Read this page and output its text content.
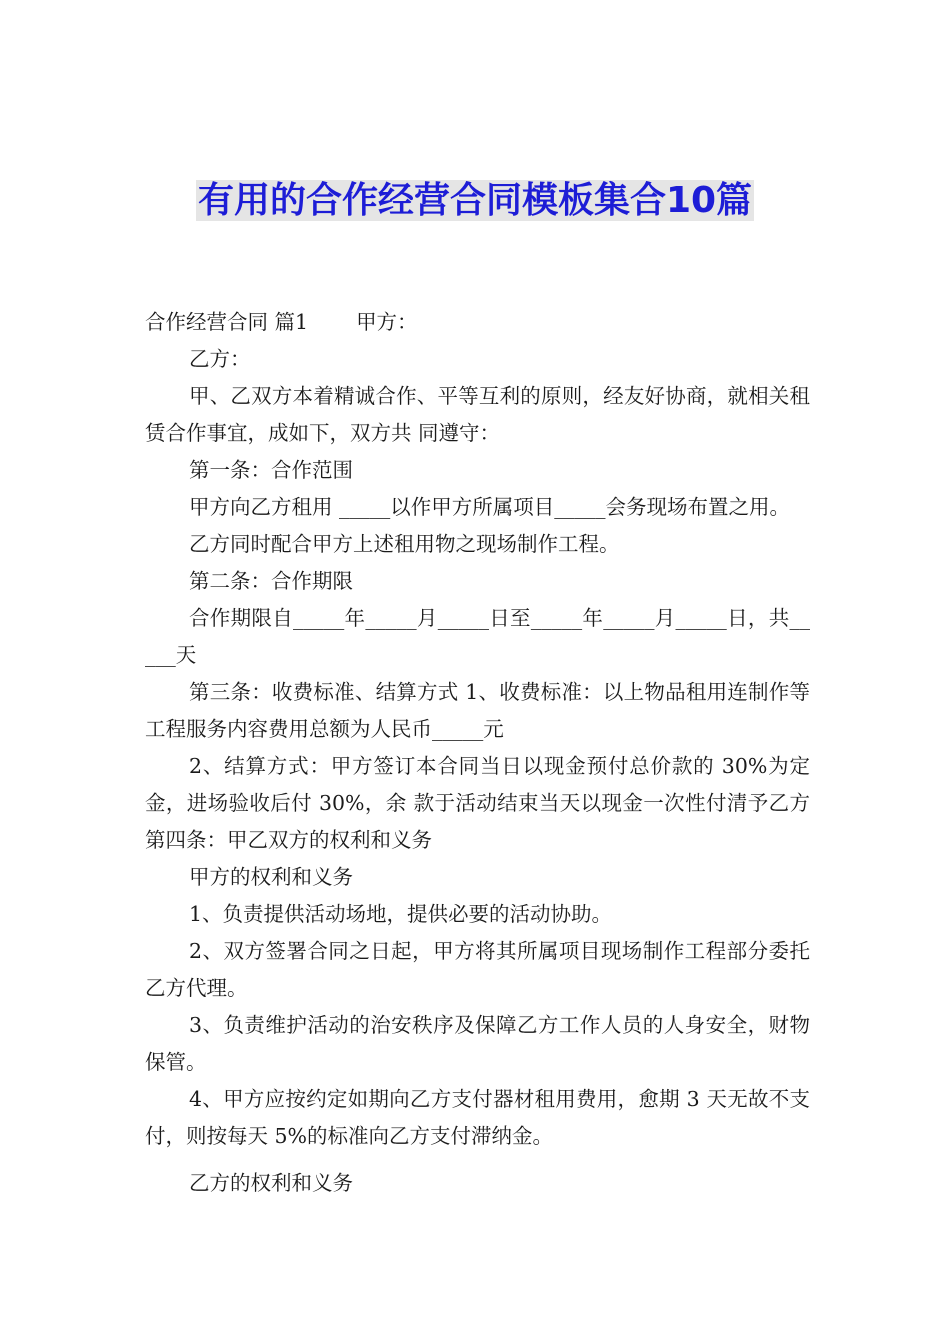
有用的合作经营合同模板集合10篇

合作经营合同 篇1 甲方：

乙方：

甲、乙双方本着精诚合作、平等互利的原则，经友好协商，就相关租赁合作事宜，成如下，双方共 同遵守：

第一条：合作范围

甲方向乙方租用 _____以作甲方所属项目_____会务现场布置之用。

乙方同时配合甲方上述租用物之现场制作工程。

第二条：合作期限

合作期限自_____年_____月_____日至_____年_____月_____日，共_____天

第三条：收费标准、结算方式 1、收费标准：以上物品租用连制作等工程服务内容费用总额为人民币_____元

2、结算方式：甲方签订本合同当日以现金预付总价款的 30%为定金，进场验收后付 30%，余 款于活动结束当天以现金一次性付清予乙方第四条：甲乙双方的权利和义务

甲方的权利和义务

1、负责提供活动场地，提供必要的活动协助。

2、双方签署合同之日起，甲方将其所属项目现场制作工程部分委托乙方代理。

3、负责维护活动的治安秩序及保障乙方工作人员的人身安全，财物保管。

4、甲方应按约定如期向乙方支付器材租用费用，愈期 3 天无故不支付，则按每天 5%的标准向乙方支付滞纳金。

乙方的权利和义务
